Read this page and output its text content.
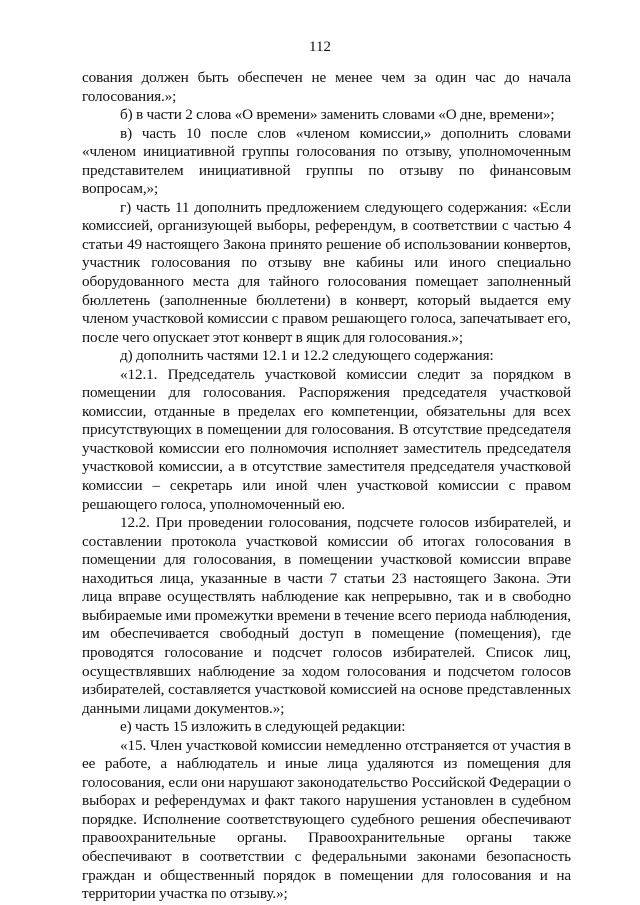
112

сования должен быть обеспечен не менее чем за один час до начала голосования.»;

б) в части 2 слова «О времени» заменить словами «О дне, времени»;

в) часть 10 после слов «членом комиссии,» дополнить словами «членом инициативной группы голосования по отзыву, уполномоченным представителем инициативной группы по отзыву по финансовым вопросам,»;

г) часть 11 дополнить предложением следующего содержания: «Если комиссией, организующей выборы, референдум, в соответствии с частью 4 статьи 49 настоящего Закона принято решение об использовании конвертов, участник голосования по отзыву вне кабины или иного специально оборудованного места для тайного голосования помещает заполненный бюллетень (заполненные бюллетени) в конверт, который выдается ему членом участковой комиссии с правом решающего голоса, запечатывает его, после чего опускает этот конверт в ящик для голосования.»;

д) дополнить частями 12.1 и 12.2 следующего содержания:

«12.1. Председатель участковой комиссии следит за порядком в помещении для голосования. Распоряжения председателя участковой комиссии, отданные в пределах его компетенции, обязательны для всех присутствующих в помещении для голосования. В отсутствие председателя участковой комиссии его полномочия исполняет заместитель председателя участковой комиссии, а в отсутствие заместителя председателя участковой комиссии – секретарь или иной член участковой комиссии с правом решающего голоса, уполномоченный ею.

12.2. При проведении голосования, подсчете голосов избирателей, и составлении протокола участковой комиссии об итогах голосования в помещении для голосования, в помещении участковой комиссии вправе находиться лица, указанные в части 7 статьи 23 настоящего Закона. Эти лица вправе осуществлять наблюдение как непрерывно, так и в свободно выбираемые ими промежутки времени в течение всего периода наблюдения, им обеспечивается свободный доступ в помещение (помещения), где проводятся голосование и подсчет голосов избирателей. Список лиц, осуществлявших наблюдение за ходом голосования и подсчетом голосов избирателей, составляется участковой комиссией на основе представленных данными лицами документов.»;

е) часть 15 изложить в следующей редакции:

«15. Член участковой комиссии немедленно отстраняется от участия в ее работе, а наблюдатель и иные лица удаляются из помещения для голосования, если они нарушают законодательство Российской Федерации о выборах и референдумах и факт такого нарушения установлен в судебном порядке. Исполнение соответствующего судебного решения обеспечивают правоохранительные органы. Правоохранительные органы также обеспечивают в соответствии с федеральными законами безопасность граждан и общественный порядок в помещении для голосования и на территории участка по отзыву.»;
